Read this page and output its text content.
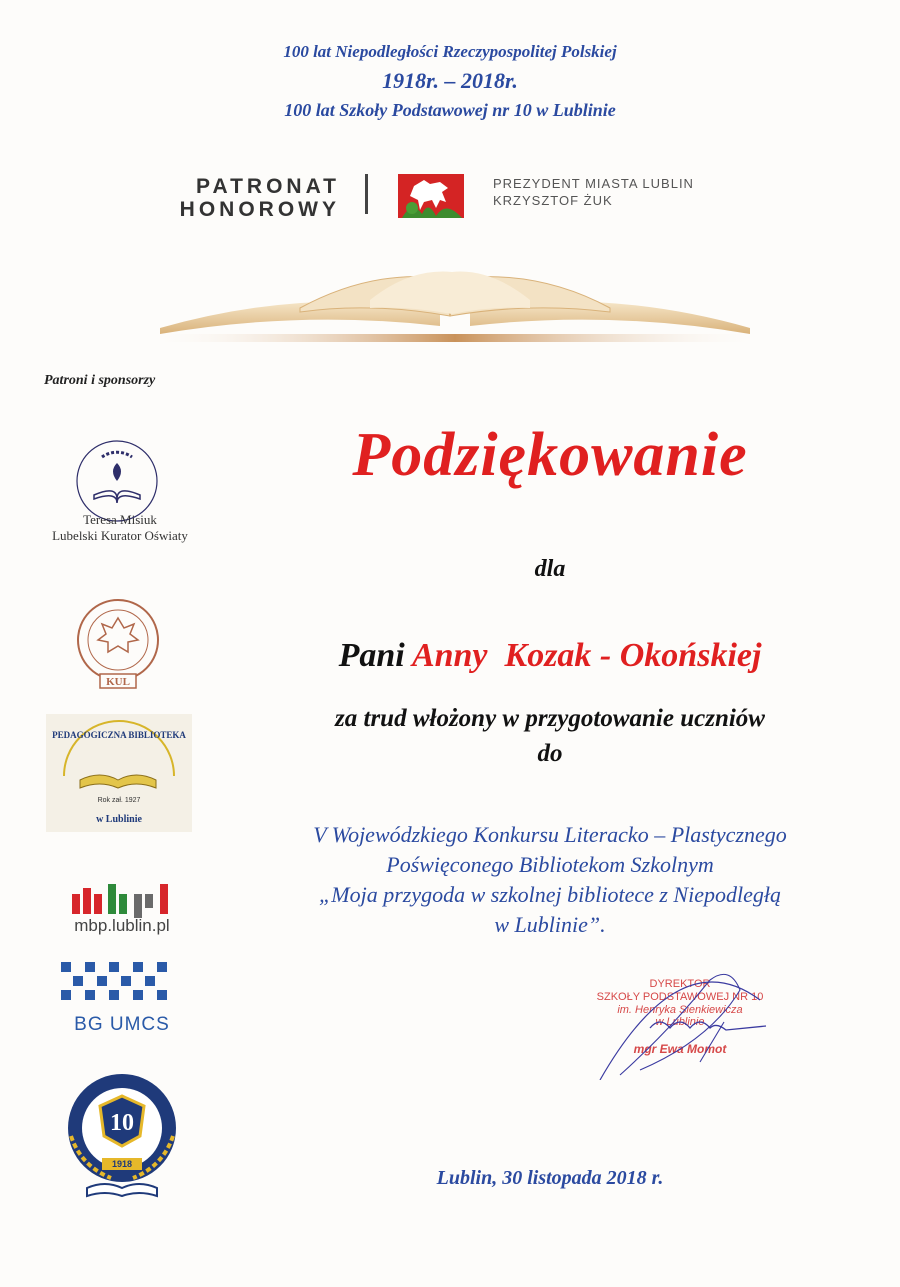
100 lat Niepodległości Rzeczypospolitej Polskiej
1918r. – 2018r.
100 lat Szkoły Podstawowej nr 10 w Lublinie
PATRONAT
HONOROWY
PREZYDENT MIASTA LUBLIN
KRZYSZTOF ŻUK
Patroni i sponsorzy
Teresa Misiuk
Lubelski Kurator Oświaty
KUL
PEDAGOGICZNA BIBLIOTEKA
Rok zał. 1927
w Lublinie
mbp.lublin.pl
BG UMCS
10
1918
Podziękowanie
dla
Pani Anny  Kozak - Okońskiej
za trud włożony w przygotowanie uczniów
do
V Wojewódzkiego Konkursu Literacko – Plastycznego
Poświęconego Bibliotekom Szkolnym
„Moja przygoda w szkolnej bibliotece z Niepodległą
w Lublinie”.
DYREKTOR
SZKOŁY PODSTAWOWEJ NR 10
im. Henryka Sienkiewicza
w Lublinie
mgr Ewa Momot
Lublin, 30 listopada 2018 r.
